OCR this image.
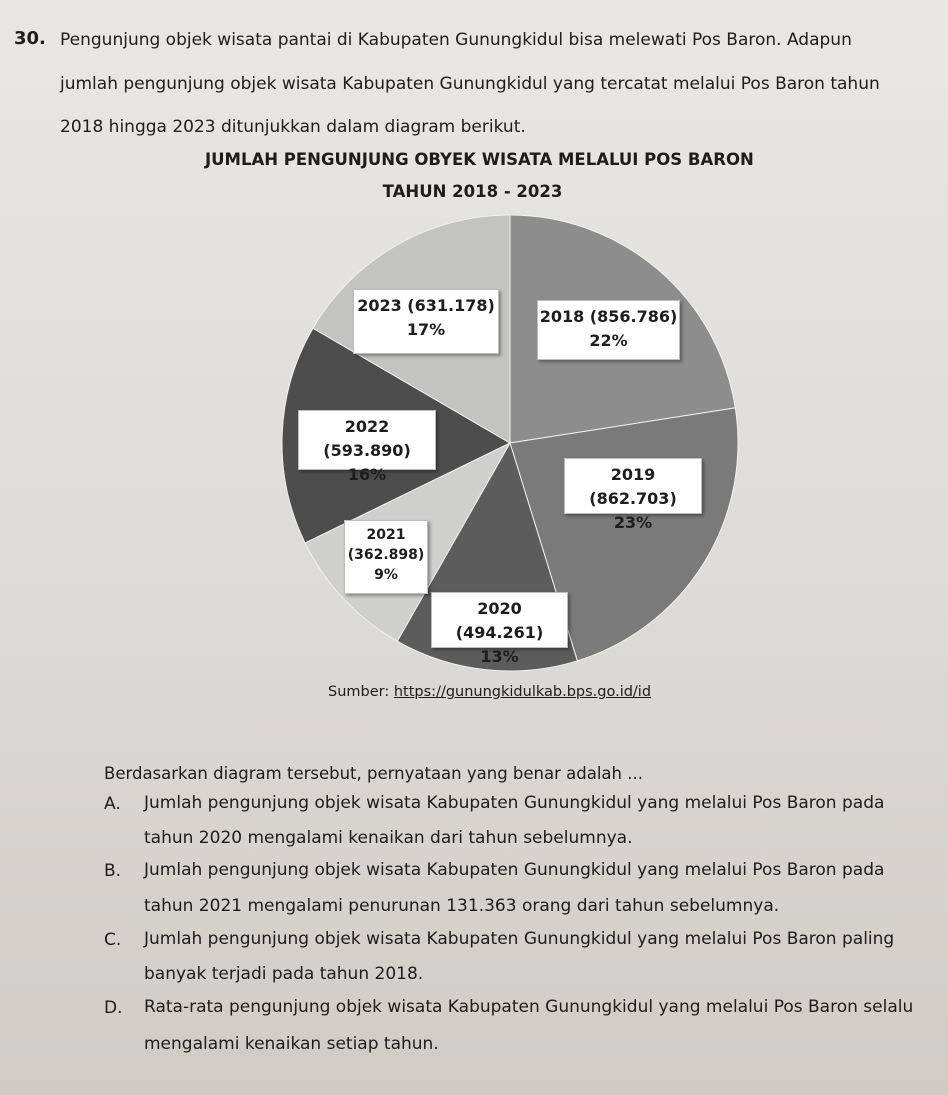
30. Pengunjung objek wisata pantai di Kabupaten Gunungkidul bisa melewati Pos Baron. Adapun
jumlah pengunjung objek wisata Kabupaten Gunungkidul yang tercatat melalui Pos Baron tahun
2018 hingga 2023 ditunjukkan dalam diagram berikut.
JUMLAH PENGUNJUNG OBYEK WISATA MELALUI POS BARON
TAHUN 2018 - 2023
2023 (631.178)
17%
2018 (856.786)
22%
2022 (593.890)
16%	2019 (862.703)
23%
2021
(362.898)
9%
2020 (494.261)
13%
Sumber: https://gunungkidulkab.bps.go.id/id
Berdasarkan diagram tersebut, pernyataan yang benar adalah ...
A. Jumlah pengunjung objek wisata Kabupaten Gunungkidul yang melalui Pos Baron pada
tahun 2020 mengalami kenaikan dari tahun sebelumnya.
B. Jumlah pengunjung objek wisata Kabupaten Gunungkidul yang melalui Pos Baron pada
tahun 2021 mengalami penurunan 131.363 orang dari tahun sebelumnya.
C. Jumlah pengunjung objek wisata Kabupaten Gunungkidul yang melalui Pos Baron paling
banyak terjadi pada tahun 2018.
D. Rata-rata pengunjung objek wisata Kabupaten Gunungkidul yang melalui Pos Baron selalu
mengalami kenaikan setiap tahun.
